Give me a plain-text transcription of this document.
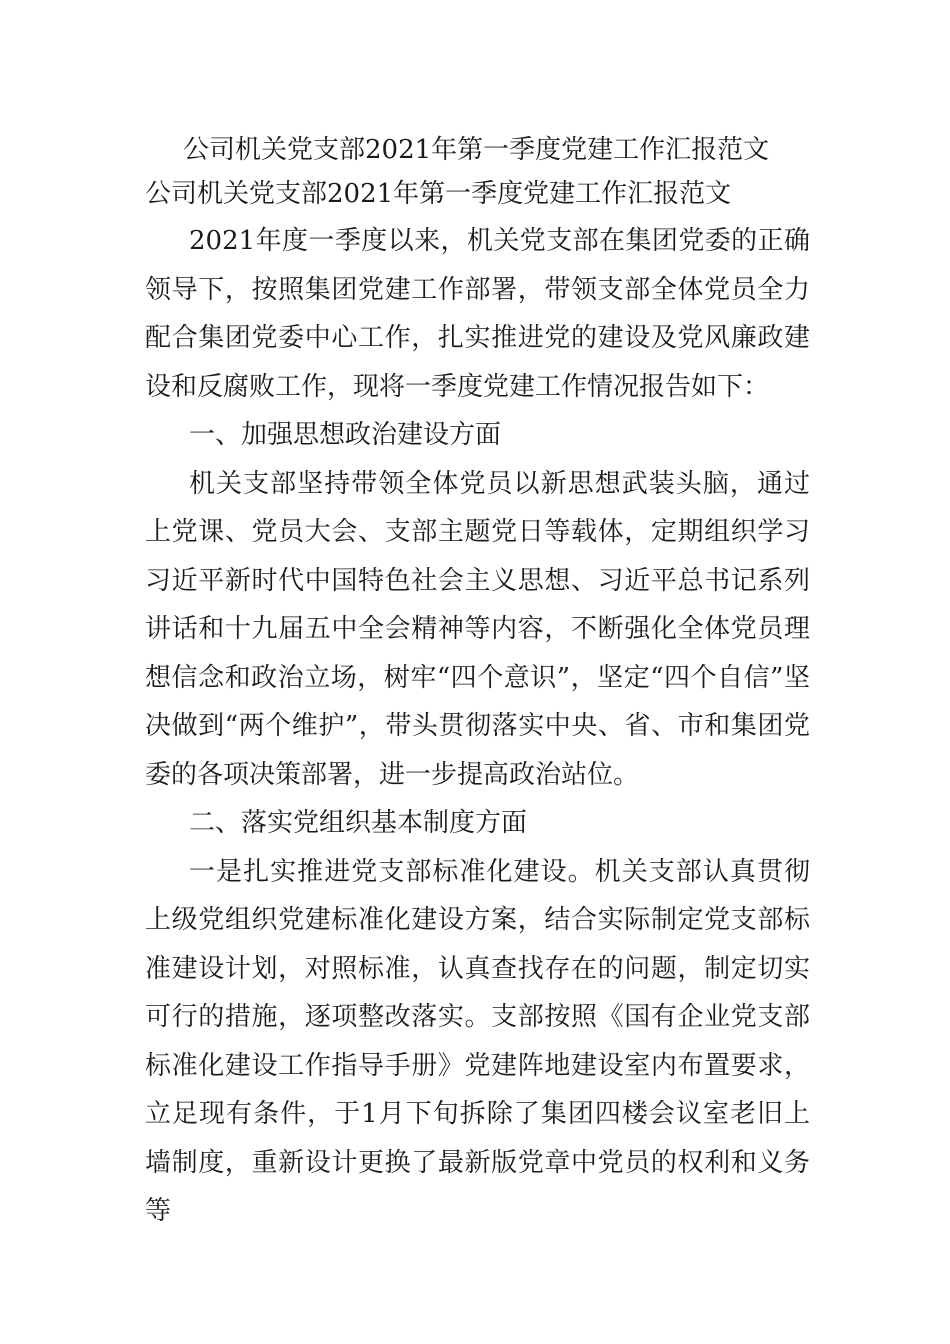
公司机关党支部2021年第一季度党建工作汇报范文
公司机关党支部2021年第一季度党建工作汇报范文

2021年度一季度以来，机关党支部在集团党委的正确领导下，按照集团党建工作部署，带领支部全体党员全力配合集团党委中心工作，扎实推进党的建设及党风廉政建设和反腐败工作，现将一季度党建工作情况报告如下：

一、加强思想政治建设方面

机关支部坚持带领全体党员以新思想武装头脑，通过上党课、党员大会、支部主题党日等载体，定期组织学习习近平新时代中国特色社会主义思想、习近平总书记系列讲话和十九届五中全会精神等内容，不断强化全体党员理想信念和政治立场，树牢“四个意识”，坚定“四个自信”坚决做到“两个维护”，带头贯彻落实中央、省、市和集团党委的各项决策部署，进一步提高政治站位。

二、落实党组织基本制度方面

一是扎实推进党支部标准化建设。机关支部认真贯彻上级党组织党建标准化建设方案，结合实际制定党支部标准建设计划，对照标准，认真查找存在的问题，制定切实可行的措施，逐项整改落实。支部按照《国有企业党支部标准化建设工作指导手册》党建阵地建设室内布置要求，立足现有条件，于1月下旬拆除了集团四楼会议室老旧上墙制度，重新设计更换了最新版党章中党员的权利和义务等
